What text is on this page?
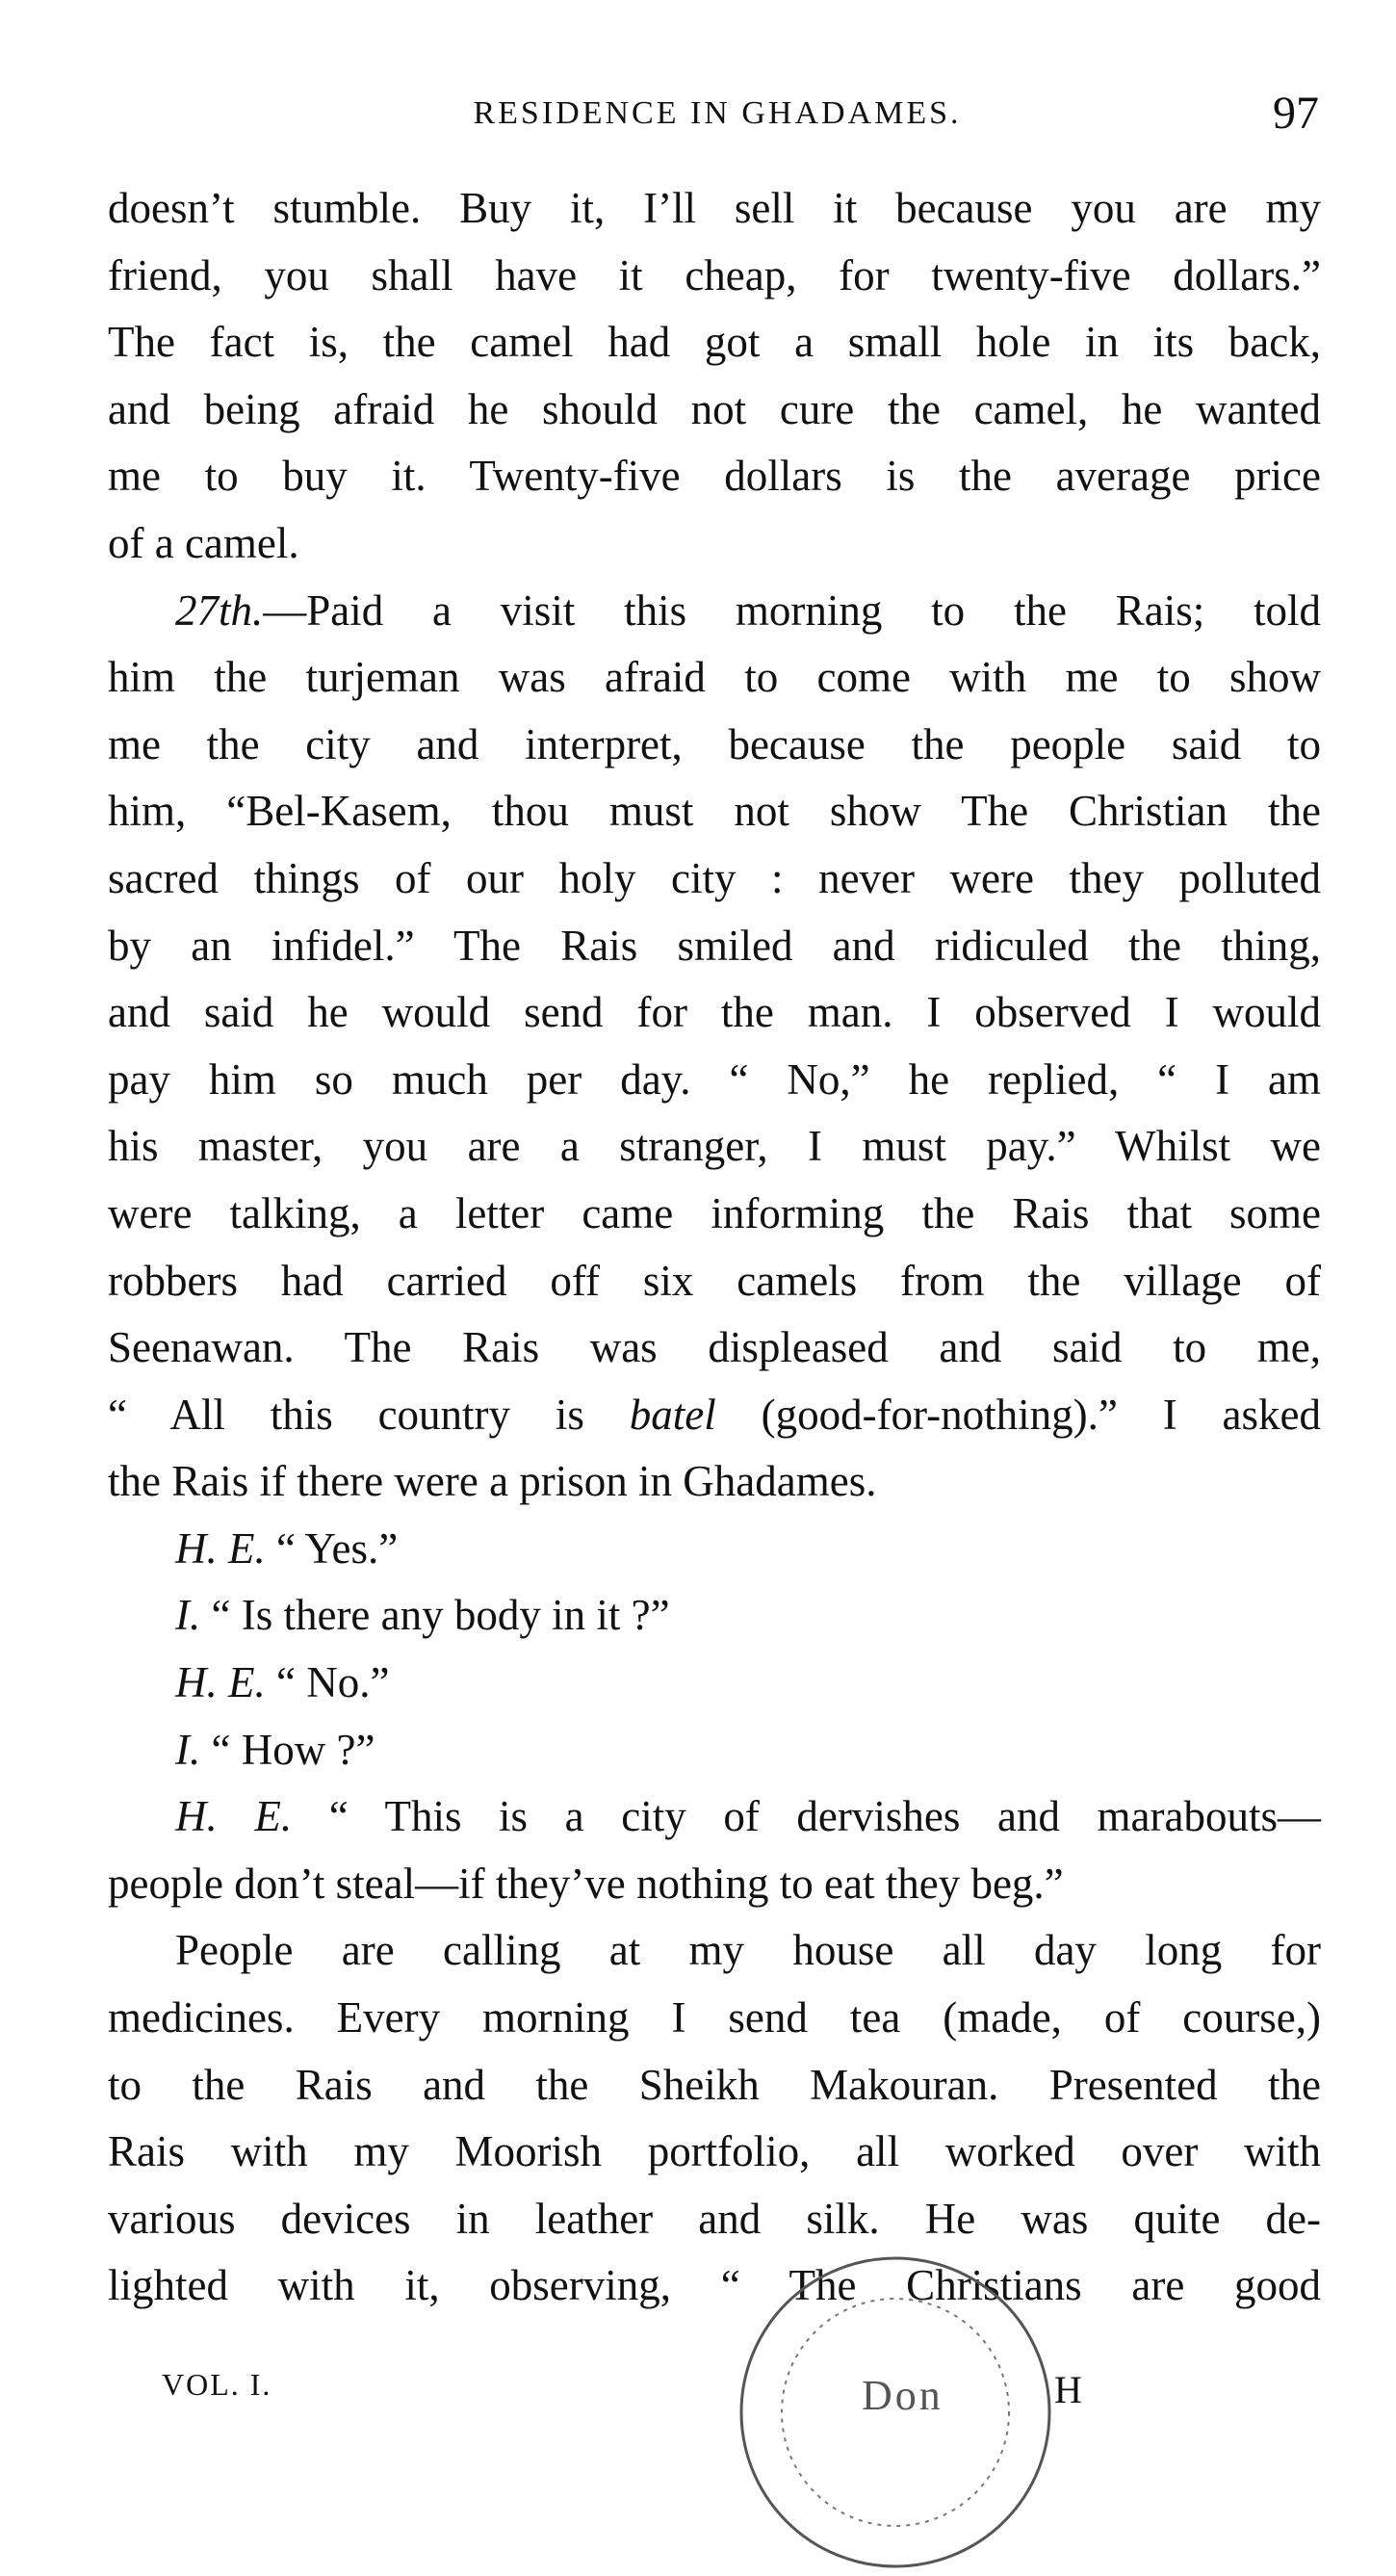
RESIDENCE IN GHADAMES.	97
doesn’t stumble. Buy it, I’ll sell it because you are my
friend, you shall have it cheap, for twenty-five dollars.”
The fact is, the camel had got a small hole in its back,
and being afraid he should not cure the camel, he wanted
me to buy it. Twenty-five dollars is the average price
of a camel.
27th.—Paid a visit this morning to the Rais; told
him the turjeman was afraid to come with me to show
me the city and interpret, because the people said to
him, “Bel-Kasem, thou must not show The Christian the
sacred things of our holy city : never were they polluted
by an infidel.” The Rais smiled and ridiculed the thing,
and said he would send for the man. I observed I would
pay him so much per day. “ No,” he replied, “ I am
his master, you are a stranger, I must pay.” Whilst we
were talking, a letter came informing the Rais that some
robbers had carried off six camels from the village of
Seenawan. The Rais was displeased and said to me,
“ All this country is batel (good-for-nothing).” I asked
the Rais if there were a prison in Ghadames.
H. E. “ Yes.”
I. “ Is there any body in it ?”
H. E. “ No.”
I. “ How ?”
H. E. “ This is a city of dervishes and marabouts—
people don’t steal—if they’ve nothing to eat they beg.”
People are calling at my house all day long for
medicines. Every morning I send tea (made, of course,)
to the Rais and the Sheikh Makouran. Presented the
Rais with my Moorish portfolio, all worked over with
various devices in leather and silk. He was quite de-
lighted with it, observing, “ The Christians are good
VOL. I.	Don	H
